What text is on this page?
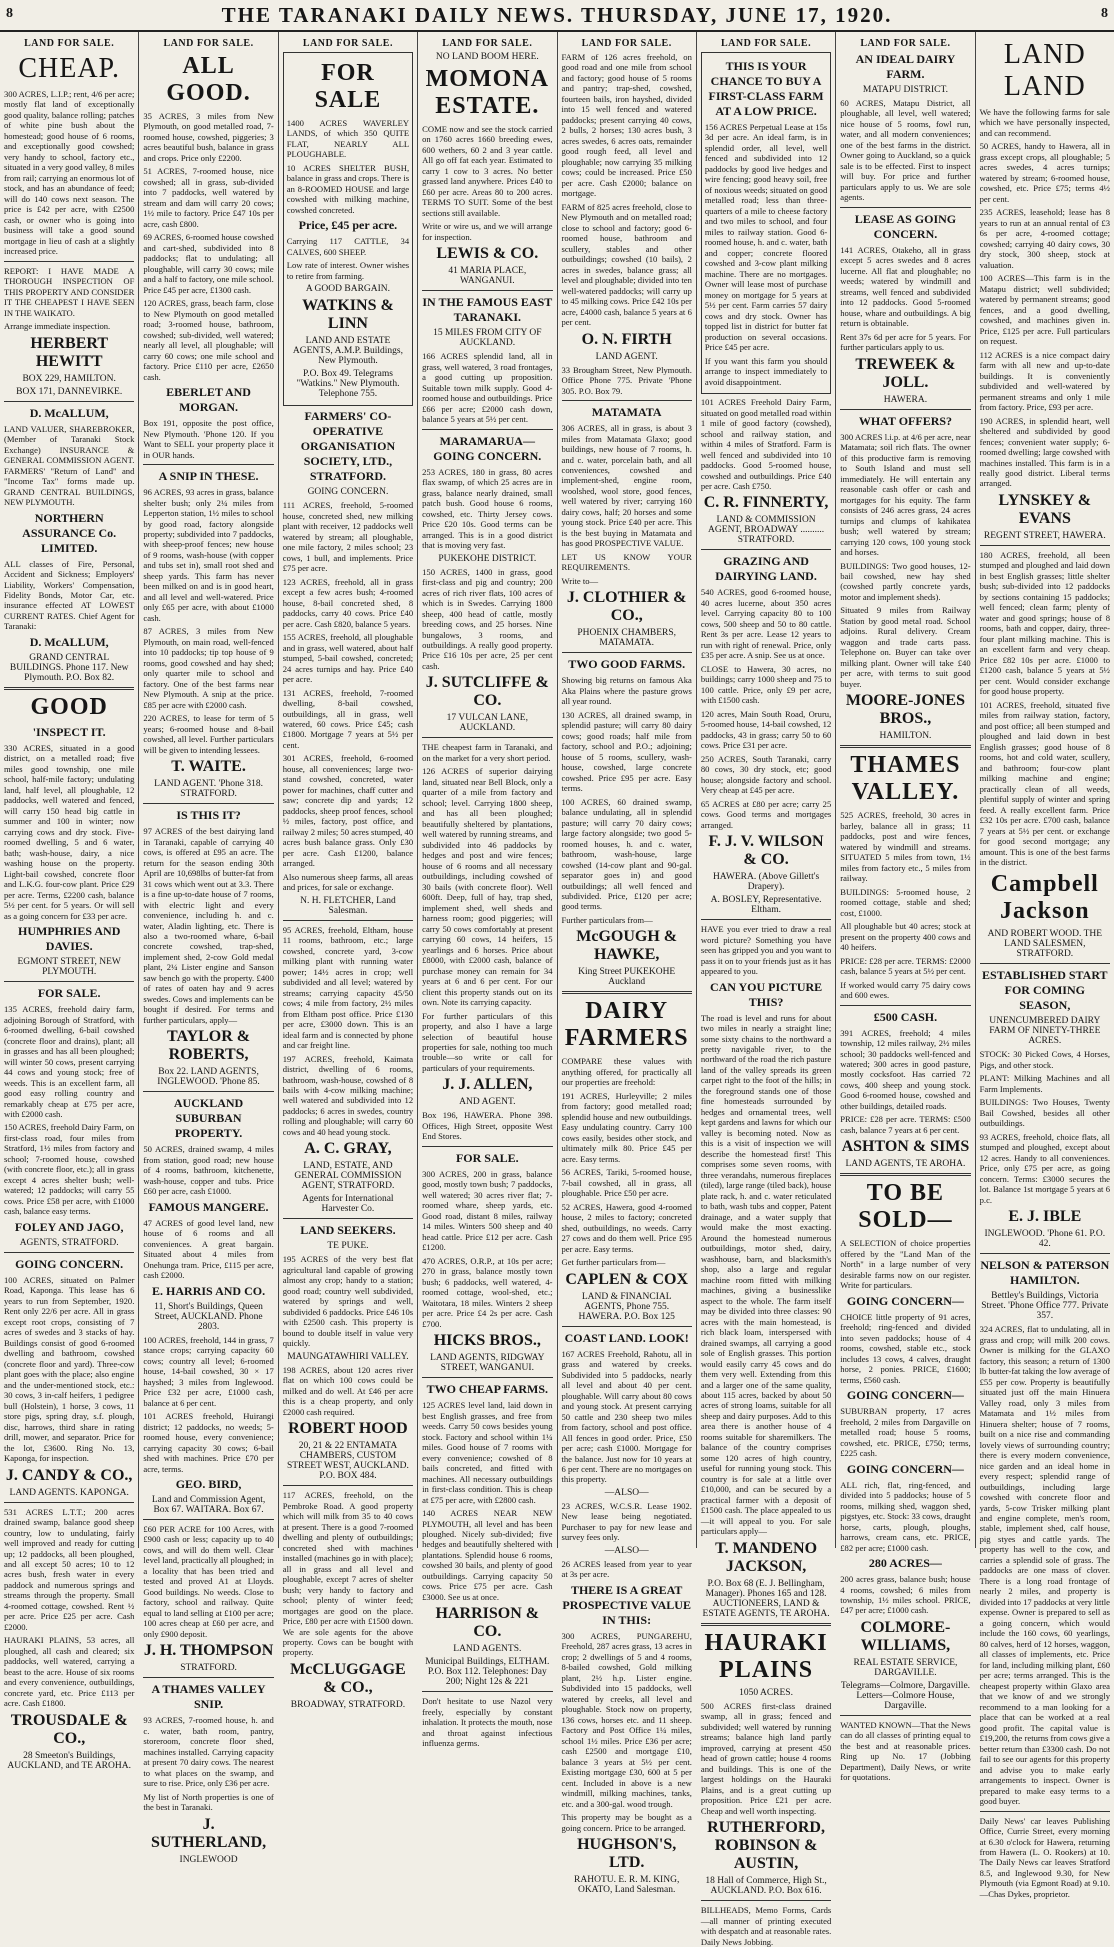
8	THE TARANAKI DAILY NEWS. THURSDAY, JUNE 17, 1920.	8
LAND FOR SALE.
CHEAP.
300 ACRES, L.I.P.; rent, 4/6 per acre; mostly flat land of exceptionally good quality, balance rolling; patches of white pine bush about the homestead; good house of 6 rooms, and exceptionally good cowshed; very handy to school, factory etc., situated in a very good valley, 8 miles from rail; carrying an enormous lot of stock, and has an abundance of feed; will do 140 cows next season. The price is £42 per acre, with £2500 cash, or owner who is going into business will take a good sound mortgage in lieu of cash at a slightly increased price.
REPORT: I HAVE MADE A THOROUGH INSPECTION OF THIS PROPERTY AND CONSIDER IT THE CHEAPEST I HAVE SEEN IN THE WAIKATO.
Arrange immediate inspection.
HERBERT HEWITT
BOX 229, HAMILTON.
BOX 171, DANNEVIRKE.
D. McALLUM,
LAND VALUER, SHAREBROKER, (Member of Taranaki Stock Exchange) INSURANCE & GENERAL COMMISSION AGENT. FARMERS' "Return of Land" and "Income Tax" forms made up. GRAND CENTRAL BUILDINGS, NEW PLYMOUTH.
NORTHERN ASSURANCE Co. LIMITED.
ALL classes of Fire, Personal, Accident and Sickness; Employers' Liability, Workers' Compensation, Fidelity Bonds, Motor Car, etc. insurance effected AT LOWEST CURRENT RATES. Chief Agent for Taranaki:
D. McALLUM,
GRAND CENTRAL BUILDINGS. Phone 117. New Plymouth. P.O. Box 82.
GOOD
'INSPECT IT.
330 ACRES, situated in a good district, on a metalled road; five miles good township, one mile school, half-mile factory; undulating land, half level, all ploughable, 12 paddocks, well watered and fenced, will carry 150 head big cattle in summer and 100 in winter; now carrying cows and dry stock. Five-roomed dwelling, 5 and 6 water, bath; wash-house, dairy, a nice washing house on the property. Light-bail cowshed, concrete floor and L.K.G. four-cow plant. Price £29 per acre. Terms, £2200 cash, balance 5½ per cent. for 5 years. Or will sell as a going concern for £33 per acre.
HUMPHRIES AND DAVIES.
EGMONT STREET, NEW PLYMOUTH.
FOR SALE.
135 ACRES, freehold dairy farm, adjoining Borough of Stratford, with 6-roomed dwelling, 6-bail cowshed (concrete floor and drains), plant; all in grasses and has all been ploughed; will winter 50 cows, present carrying 44 cows and young stock; free of weeds. This is an excellent farm, all good easy rolling country and remarkably cheap at £75 per acre, with £2000 cash.
150 ACRES, freehold Dairy Farm, on first-class road, four miles from Stratford, 1½ miles from factory and school; 7-roomed house, cowshed (with concrete floor, etc.); all in grass except 4 acres shelter bush; well-watered; 12 paddocks; will carry 55 cows. Price £58 per acre, with £1000 cash, balance easy terms.
FOLEY AND JAGO,
AGENTS, STRATFORD.
GOING CONCERN.
100 ACRES, situated on Palmer Road, Kaponga. This lease has 6 years to run from September, 1920. Rent only 22/6 per acre. All in grass except root crops, consisting of 7 acres of swedes and 3 stacks of hay. Buildings consist of good 6-roomed dwelling and bathroom, cowshed (concrete floor and yard). Three-cow plant goes with the place; also engine and the under-mentioned stock, etc.: 30 cows, 3 in-calf heifers, 1 pedigree bull (Holstein), 1 horse, 3 cows, 11 store pigs, spring dray, s.f. plough, disc, harrows, third share in rating drill, mower, and separator. Price for the lot, £3600. Ring No. 13, Kaponga, for inspection.
J. CANDY & CO.,
LAND AGENTS. KAPONGA.
531 ACRES L.T.T.; 200 acres drained swamp, balance good sheep country, low to undulating, fairly well improved and ready for cutting up; 12 paddocks, all been ploughed, and all except 50 acres; 10 to 12 acres bush, fresh water in every paddock and numerous springs and streams through the property. Small 4-roomed cottage, cowshed. Rent ½ per acre. Price £25 per acre. Cash £2000.
HAURAKI PLAINS, 53 acres, all ploughed, all cash and cleared; six paddocks, well watered, carrying a beast to the acre. House of six rooms and every convenience, outbuildings, concrete yard, etc. Price £113 per acre. Cash £1800.
TROUSDALE & CO.,
28 Smeeton's Buildings, AUCKLAND, and TE AROHA.
LAND FOR SALE.
ALL GOOD.
35 ACRES, 3 miles from New Plymouth, on good metalled road, 7-roomed house, cowshed, piggeries; 3 acres beautiful bush, balance in grass and crops. Price only £2200.
51 ACRES, 7-roomed house, nice cowshed; all in grass, sub-divided into 7 paddocks, well watered by stream and dam will carry 20 cows; 1½ mile to factory. Price £47 10s per acre, cash £800.
69 ACRES, 6-roomed house cowshed and cart-shed, subdivided into 8 paddocks; flat to undulating; all ploughable, will carry 30 cows; mile and a half to factory, one mile school. Price £45 per acre, £1300 cash.
120 ACRES, grass, beach farm, close to New Plymouth on good metalled road; 3-roomed house, bathroom, cowshed; sub-divided, well watered; nearly all level, all ploughable; will carry 60 cows; one mile school and factory. Price £110 per acre, £2650 cash.
EBERLET AND MORGAN.
Box 191, opposite the post office, New Plymouth. 'Phone 120. If you Want to SELL your property place it in OUR hands.
A SNIP IN THESE.
96 ACRES, 93 acres in grass, balance shelter bush; only 2¼ miles from Lepperton station, 1½ miles to school by good road, factory alongside property; subdivided into 7 paddocks, with sheep-proof fences; new house of 9 rooms, wash-house (with copper and tubs set in), small root shed and sheep yards. This farm has never been milked on and is in good heart, and all level and well-watered. Price only £65 per acre, with about £1000 cash.
87 ACRES, 3 miles from New Plymouth, on main road, well-fenced into 10 paddocks; tip top house of 9 rooms, good cowshed and hay shed; only quarter mile to school and factory. One of the best farms near New Plymouth. A snip at the price. £85 per acre with £2000 cash.
220 ACRES, to lease for term of 5 years; 6-roomed house and 8-bail cowshed, all level. Further particulars will be given to intending lessees.
T. WAITE.
LAND AGENT. 'Phone 318. STRATFORD.
IS THIS IT?
97 ACRES of the best dairying land in Taranaki, capable of carrying 40 cows, is offered at £95 an acre. The return for the season ending 30th April are 10,698lbs of butter-fat from 31 cows which went out at 3.3. There is a fine up-to-date house of 7 rooms, with electric light and every convenience, including h. and c. water, Aladin lighting, etc. There is also a two-roomed whare, 6-bail concrete cowshed, trap-shed, implement shed, 2-cow Gold medal plant, 2¼ Lister engine and Sanson saw bench go with the property. £400 of rates of oaten hay and 9 acres swedes. Cows and implements can be bought if desired. For terms and further particulars, apply—
TAYLOR & ROBERTS,
Box 22. LAND AGENTS, INGLEWOOD. 'Phone 85.
AUCKLAND SUBURBAN PROPERTY.
50 ACRES, drained swamp, 4 miles from station, good road; new house of 4 rooms, bathroom, kitchenette, wash-house, copper and tubs. Price £60 per acre, cash £1000.
FAMOUS MANGERE.
47 ACRES of good level land, new house of 6 rooms and all conveniences. A great bargain. Situated about 4 miles from Onehunga tram. Price, £115 per acre, cash £2000.
E. HARRIS AND CO.
11, Short's Buildings, Queen Street, AUCKLAND. Phone 2803.
100 ACRES, freehold, 144 in grass, 7 stance crops; carrying capacity 60 cows; country all level; 6-roomed house, 14-bail cowshed, 30 × 17 hayshed; 3 miles from Inglewood. Price £32 per acre, £1000 cash, balance at 6 per cent.
101 ACRES freehold, Huirangi district; 12 paddocks, no weeds; 5-roomed house, every convenience; carrying capacity 30 cows; 6-bail shed with machines. Price £70 per acre, terms.
GEO. BIRD,
Land and Commission Agent, Box 67. WAITARA. Box 67.
£60 PER ACRE for 100 Acres, with £900 cash or less; capacity up to 40 cows, and will do them well. Clear level land, practically all ploughed; in a locality that has been tried and tested and proved A1 at Lloyds. Good buildings. No weeds. Close to factory, school and railway. Quite equal to land selling at £100 per acre; 100 acres cheap at £60 per acre, and only £900 deposit.
J. H. THOMPSON
STRATFORD.
A THAMES VALLEY SNIP.
93 ACRES, 7-roomed house, h. and c. water, bath room, pantry, storeroom, concrete floor shed, machines installed. Carrying capacity at present 70 dairy cows. The nearest to what places on the swamp, and sure to rise. Price, only £36 per acre.
My list of North properties is one of the best in Taranaki.
J. SUTHERLAND,
INGLEWOOD
LAND FOR SALE.
FOR SALE
1400 ACRES WAVERLEY LANDS, of which 350 QUITE FLAT, NEARLY ALL PLOUGHABLE.
10 ACRES SHELTER BUSH, balance in grass and crops. There is an 8-ROOMED HOUSE and large cowshed with milking machine, cowshed concreted.
Price, £45 per acre.
Carrying 117 CATTLE, 34 CALVES, 600 SHEEP.
Low rate of interest. Owner wishes to retire from farming.
A GOOD BARGAIN.
WATKINS & LINN
LAND AND ESTATE AGENTS, A.M.P. Buildings, New Plymouth.
P.O. Box 49. Telegrams "Watkins." New Plymouth. Telephone 755.
FARMERS' CO-OPERATIVE ORGANISATION SOCIETY, LTD., STRATFORD.
GOING CONCERN.
111 ACRES, freehold, 5-roomed house, concreted shed, new milking plant with receiver, 12 paddocks well watered by stream; all ploughable, one mile factory, 2 miles school; 23 cows, 1 bull, and implements. Price £75 per acre.
123 ACRES, freehold, all in grass except a few acres bush; 4-roomed house, 8-bail concreted shed, 8 paddocks, carry 40 cows. Price £40 per acre. Cash £820, balance 5 years.
155 ACRES, freehold, all ploughable and in grass, well watered, about half stumped, 5-bail cowshed, concreted; 24 acres turnips and hay. Price £40 per acre.
131 ACRES, freehold, 7-roomed dwelling, 8-bail cowshed, outbuildings, all in grass, well watered, 60 cows. Price £45; cash £1800. Mortgage 7 years at 5½ per cent.
301 ACRES, freehold, 6-roomed house, all conveniences; large two-stand cowshed, concreted, water power for machines, chaff cutter and saw; concrete dip and yards; 12 paddocks, sheep proof fences, school ½ miles, factory, post office, and railway 2 miles; 50 acres stumped, 40 acres bush balance grass. Only £30 per acre. Cash £1200, balance arranged.
Also numerous sheep farms, all areas and prices, for sale or exchange.
N. H. FLETCHER, Land Salesman.
95 ACRES, freehold, Eltham, house 11 rooms, bathroom, etc.; large cowshed, concrete yard, 3-cow milking plant with running water power; 14½ acres in crop; well subdivided and all level; watered by streams; carrying capacity 45/50 cows; 4 mile from factory, 2½ miles from Eltham post office. Price £130 per acre, £3000 down. This is an ideal farm and is connected by phone and car freight line.
197 ACRES, freehold, Kaimata district, dwelling of 6 rooms, bathroom, wash-house, cowshed of 8 bails with 4-cow milking machine; well watered and subdivided into 12 paddocks; 6 acres in swedes, country rolling and ploughable; will carry 60 cows and 40 head young stock.
A. C. GRAY,
LAND, ESTATE, AND GENERAL COMMISSION AGENT, STRATFORD.
Agents for International Harvester Co.
LAND SEEKERS.
TE PUKE.
195 ACRES of the very best flat agricultural land capable of growing almost any crop; handy to a station; good road; country well subdivided, watered by springs and well, subdivided 6 paddocks. Price £46 10s with £2500 cash. This property is bound to double itself in value very quickly.
MAUNGATAWHIRI VALLEY.
198 ACRES, about 120 acres river flat on which 100 cows could be milked and do well. At £46 per acre this is a cheap property, and only £2000 cash required.
ROBERT HOOD
20, 21 & 22 ENTAMATA CHAMBERS, CUSTOM STREET WEST, AUCKLAND. P.O. BOX 484.
117 ACRES, freehold, on the Pembroke Road. A good property which will milk from 35 to 40 cows at present. There is a good 7-roomed dwelling and plenty of outbuildings; concreted shed with machines installed (machines go in with place); all in grass and all level and ploughable, except 7 acres of shelter bush; very handy to factory and school; plenty of winter feed; mortgages are good on the place. Price, £80 per acre with £1500 down. We are sole agents for the above property. Cows can be bought with property.
McCLUGGAGE & CO.,
BROADWAY, STRATFORD.
LAND FOR SALE.
NO LAND BOOM HERE.
MOMONA ESTATE.
COME now and see the stock carried on 1760 acres 1660 breeding ewes, 600 wethers, 60 2 and 3 year cattle. All go off fat each year. Estimated to carry 1 cow to 3 acres. No better grassed land anywhere. Prices £40 to £60 per acre. Areas 80 to 200 acres. TERMS TO SUIT. Some of the best sections still available.
Write or wire us, and we will arrange for inspection.
LEWIS & CO.
41 MARIA PLACE, WANGANUI.
IN THE FAMOUS EAST TARANAKI.
15 MILES FROM CITY OF AUCKLAND.
166 ACRES splendid land, all in grass, well watered, 3 road frontages, a good cutting up proposition. Suitable town milk supply. Good 4-roomed house and outbuildings. Price £66 per acre; £2000 cash down, balance 5 years at 5½ per cent.
MARAMARUA—GOING CONCERN.
253 ACRES, 180 in grass, 80 acres flax swamp, of which 25 acres are in grass, balance nearly drained, small patch bush. Good house 6 rooms, cowshed, etc. Thirty Jersey cows. Price £20 10s. Good terms can be arranged. This is in a good district that is moving very fast.
PUKEKOHE DISTRICT.
150 ACRES, 1400 in grass, good first-class and pig and country; 200 acres of rich river flats, 100 acres of which is in Swedes. Carrying 1800 sheep, 400 head of cattle, mostly breeding cows, and 25 horses. Nine bungalows, 3 rooms, and outbuildings. A really good property. Price £16 10s per acre, 25 per cent cash.
J. SUTCLIFFE & CO.
17 VULCAN LANE, AUCKLAND.
THE cheapest farm in Taranaki, and on the market for a very short period.
126 ACRES of superior dairying land, situated near Bell Block, only a quarter of a mile from factory and school; level. Carrying 1800 sheep, and has all been ploughed; beautifully sheltered by plantations, well watered by running streams, and subdivided into 46 paddocks by hedges and post and wire fences; house of 6 rooms and all necessary outbuildings, including cowshed of 30 bails (with concrete floor). Well 600ft. Deep, full of hay, trap shed, implement shed, well sheds and harness room; good piggeries; will carry 50 cows comfortably at present carrying 60 cows, 14 heifers, 15 yearlings and 6 horses. Price about £8000, with £2000 cash, balance of purchase money can remain for 34 years at 6 and 6 per cent. For our client this property stands out on its own. Note its carrying capacity.
For further particulars of this property, and also I have a large selection of beautiful house properties for sale, nothing too much trouble—so write or call for particulars of your requirements.
J. J. ALLEN,
AND AGENT.
Box 196, HAWERA. Phone 398. Offices, High Street, opposite West End Stores.
FOR SALE.
300 ACRES, 200 in grass, balance good, mostly town bush; 7 paddocks, well watered; 30 acres river flat; 7-roomed whare, sheep yards, etc. Good road, distant 8 miles, railway 14 miles. Winters 500 sheep and 40 head cattle. Price £12 per acre. Cash £1200.
470 ACRES, O.R.P., at 10s per acre; 270 in grass, balance mostly town bush; 6 paddocks, well watered, 4-roomed cottage, wool-shed, etc.; Waitotara, 18 miles. Winters 2 sheep per acre. Price £4 2s per acre. Cash £700.
HICKS BROS.,
LAND AGENTS, RIDGWAY STREET, WANGANUI.
TWO CHEAP FARMS.
125 ACRES level land, laid down in best English grasses, and free from weeds. Carry 50 cows besides young stock. Factory and school within 1¼ miles. Good house of 7 rooms with every convenience; cowshed of 8 bails concreted, and fitted with machines. All necessary outbuildings in first-class condition. This is cheap at £75 per acre, with £2800 cash.
140 ACRES NEAR NEW PLYMOUTH, all level and has been ploughed. Nicely sub-divided; five hedges and beautifully sheltered with plantations. Splendid house 6 rooms, cowshed 30 bails, and plenty of good outbuildings. Carrying capacity 50 cows. Price £75 per acre. Cash £3000. See us at once.
HARRISON & CO.
LAND AGENTS.
Municipal Buildings, ELTHAM. P.O. Box 112. Telephones: Day 200; Night 12s & 221
Don't hesitate to use Nazol very freely, especially by constant inhalation. It protects the mouth, nose and throat against infectious influenza germs.
LAND FOR SALE.
FARM of 126 acres freehold, on good road and one mile from school and factory; good house of 5 rooms and pantry; trap-shed, cowshed, fourteen bails, iron hayshed, divided into 15 well fenced and watered paddocks; present carrying 40 cows, 2 bulls, 2 horses; 130 acres bush, 3 acres swedes, 6 acres oats, remainder good rough feed, all level and ploughable; now carrying 35 milking cows; could be increased. Price £50 per acre. Cash £2000; balance on mortgage.
FARM of 825 acres freehold, close to New Plymouth and on metalled road; close to school and factory; good 6-roomed house, bathroom and scullery, stables and other outbuildings; cowshed (10 bails), 2 acres in swedes, balance grass; all level and ploughable; divided into ten well-watered paddocks; will carry up to 45 milking cows. Price £42 10s per acre, £4000 cash, balance 5 years at 6 per cent.
O. N. FIRTH
LAND AGENT.
33 Brougham Street, New Plymouth. Office Phone 775. Private 'Phone 305. P.O. Box 79.
MATAMATA
306 ACRES, all in grass, is about 3 miles from Matamata Glaxo; good buildings, new house of 7 rooms, h. and c. water, porcelain bath, and all conveniences, cowshed and implement-shed, engine room, woolshed, wool store, good fences, well watered by river; carrying 160 dairy cows, half; 20 horses and some young stock. Price £40 per acre. This is the best buying in Matamata and has good PROSPECTIVE VALUE.
LET US KNOW YOUR REQUIREMENTS.
Write to—
J. CLOTHIER & CO.,
PHOENIX CHAMBERS, MATAMATA.
TWO GOOD FARMS.
Showing big returns on famous Aka Aka Plains where the pasture grows all year round.
130 ACRES, all drained swamp, in splendid pasture; will carry 80 dairy cows; good roads; half mile from factory, school and P.O.; adjoining; house of 5 rooms, scullery, wash-house, cowshed, large concrete cowshed. Price £95 per acre. Easy terms.
100 ACRES, 60 drained swamp, balance undulating, all in splendid pasture; will carry 70 dairy cows; large factory alongside; two good 5-roomed houses, h. and c. water, bathroom, wash-house, large cowshed (14-cow plant and 90-gal. separator goes in) and good outbuildings; all well fenced and subdivided. Price, £120 per acre; good terms.
Further particulars from—
McGOUGH & HAWKE,
King Street PUKEKOHE Auckland
DAIRY FARMERS
COMPARE these values with anything offered, for practically all our properties are freehold:
191 ACRES, Hurleyville; 2 miles from factory; good metalled road; splendid house and new outbuildings. Easy undulating country. Carry 100 cows easily, besides other stock, and ultimately milk 80. Price £45 per acre. Easy terms.
56 ACRES, Tariki, 5-roomed house, 7-bail cowshed, all in grass, all ploughable. Price £50 per acre.
52 ACRES, Hawera, good 4-roomed house, 2 miles to factory; concreted shed, outbuildings, no weeds. Carry 27 cows and do them well. Price £95 per acre. Easy terms.
Get further particulars from—
CAPLEN & COX
LAND & FINANCIAL AGENTS, Phone 755. HAWERA. P.O. Box 125
COAST LAND. LOOK!
167 ACRES Freehold, Rahotu, all in grass and watered by creeks. Subdivided into 5 paddocks, nearly all level and about 40 per cent. ploughable. Will carry about 80 cows and young stock. At present carrying 50 cattle and 230 sheep two miles from factory, school and post office. All fences in good order. Price, £50 per acre; cash £1000. Mortgage for the balance. Just now for 10 years at 6 per cent. There are no mortgages on this property.
—ALSO—
23 ACRES, W.C.S.R. Lease 1902. New lease being negotiated. Purchaser to pay for new lease and survey fees only.
—ALSO—
26 ACRES leased from year to year at 3s per acre.
THERE IS A GREAT PROSPECTIVE VALUE IN THIS:
300 ACRES, PUNGAREHU, Freehold, 287 acres grass, 13 acres in crop; 2 dwellings of 5 and 4 rooms, 8-bailed cowshed, Gold milking plant, 2½ h.p. Lister engine. Subdivided into 15 paddocks, well watered by creeks, all level and ploughable. Stock now on property, 136 cows, horses etc. and 11 sheep. Factory and Post Office 1¼ miles, school 1½ miles. Price £36 per acre; cash £2500 and mortgage £10, balance 3 years at 5½ per cent. Existing mortgage £30, 600 at 5 per cent. Included in above is a new windmill, milking machines, tanks, etc. and a 300-gal. wood trough.
This property may be bought as a going concern. Price to be arranged.
HUGHSON'S, LTD.
RAHOTU. E. R. M. KING, OKATO, Land Salesman.
LAND FOR SALE.
THIS IS YOUR CHANCE TO BUY A FIRST-CLASS FARM AT A LOW PRICE.
156 ACRES Perpetual Lease at 15s 3d per acre. An ideal farm, is in splendid order, all level, well fenced and subdivided into 12 paddocks by good live hedges and wire fencing; good heavy soil, free of noxious weeds; situated on good metalled road; less than three-quarters of a mile to cheese factory and two miles to school, and four miles to railway station. Good 6-roomed house, h. and c. water, bath and copper; concrete floored cowshed and 3-cow plant milking machine. There are no mortgages. Owner will lease most of purchase money on mortgage for 5 years at 5½ per cent. Farm carries 57 dairy cows and dry stock. Owner has topped list in district for butter fat production on several occasions. Price £45 per acre.
If you want this farm you should arrange to inspect immediately to avoid disappointment.
101 ACRES Freehold Dairy Farm, situated on good metalled road within 1 mile of good factory (cowshed), school and railway station, and within 4 miles of Stratford. Farm is well fenced and subdivided into 10 paddocks. Good 5-roomed house, cowshed and outbuildings. Price £40 per acre. Cash £750.
C. R. FINNERTY,
LAND & COMMISSION AGENT, BROADWAY .......... STRATFORD.
GRAZING AND DAIRYING LAND.
540 ACRES, good 6-roomed house, 40 acres lucerne, about 350 acres level. Carrying capacity 80 to 100 cows, 500 sheep and 50 to 80 cattle. Rent 3s per acre. Lease 12 years to run with right of renewal. Price, only £35 per acre. A snip. See us at once.
CLOSE to Hawera, 30 acres, no buildings; carry 1000 sheep and 75 to 100 cattle. Price, only £9 per acre, with £1500 cash.
120 acres, Main South Road, Oruru, 5-roomed house, 14-bail cowshed, 12 paddocks, 43 in grass; carry 50 to 60 cows. Price £31 per acre.
250 ACRES, South Taranaki, carry 80 cows, 30 dry stock, etc; good house; alongside factory and school. Very cheap at £45 per acre.
65 ACRES at £80 per acre; carry 25 cows. Good terms and mortgages arranged.
F. J. V. WILSON & CO.
HAWERA. (Above Gillett's Drapery).
A. BOSLEY, Representative. Eltham.
HAVE you ever tried to draw a real word picture? Something you have seen has gripped you and you want to pass it on to your friends just as it has appeared to you.
CAN YOU PICTURE THIS?
The road is level and runs for about two miles in nearly a straight line; some sixty chains to the northward a pretty navigable river, to the northward of the road the rich pasture land of the valley spreads its green carpet right to the foot of the hills; in the foreground stands one of those fine homesteads surrounded by hedges and ornamental trees, well kept gardens and lawns for which our valley is becoming noted. Now as this is a visit of inspection we will describe the homestead first! This comprises some seven rooms, with three verandahs, numerous fireplaces (tiled), large range (tiled back), house plate rack, h. and c. water reticulated to bath, wash tubs and copper, Patent drainage, and a water supply that would make the most exacting. Around the homestead numerous outbuildings, motor shed, dairy, washhouse, barn, and blacksmith's shop, also a large and regular machine room fitted with milking machines, giving a businesslike aspect to the whole. The farm itself may be divided into three classes: 90 acres with the main homestead, is rich black loam, interspersed with drained swamps, all carrying a good sole of English grasses. This portion would easily carry 45 cows and do them very well. Extending from this and a larger one of the same quality, about 115 acres, backed by about 50 acres of strong loams, suitable for all sheep and dairy purposes. Add to this area there is another house of 4 rooms suitable for sharemilkers. The balance of the country comprises some 120 acres of high country, useful for running young stock. This country is for sale at a little over £10,000, and can be secured by a practical farmer with a deposit of £1500 cash. The place appealed to us—it will appeal to you. For sale particulars apply—
T. MANDENO JACKSON,
P.O. Box 68 (E. J. Bellingham, Manager). Phones 165 and 128. AUCTIONEERS, LAND & ESTATE AGENTS, TE AROHA.
HAURAKI PLAINS
1050 ACRES.
500 ACRES first-class drained swamp, all in grass; fenced and subdivided; well watered by running streams; balance high land partly improved, carrying at present 450 head of grown cattle; house 4 rooms and buildings. This is one of the largest holdings on the Hauraki Plains, and is a great cutting up proposition. Price £21 per acre. Cheap and well worth inspecting.
RUTHERFORD, ROBINSON & AUSTIN,
18 Hall of Commerce, High St., AUCKLAND. P.O. Box 616.
BILLHEADS, Memo Forms, Cards—all manner of printing executed with despatch and at reasonable rates. Daily News Jobbing.
LAND FOR SALE.
AN IDEAL DAIRY FARM.
MATAPU DISTRICT.
60 ACRES, Matapu District, all ploughable, all level, well watered; nice house of 5 rooms, fowl run, water, and all modern conveniences; one of the best farms in the district. Owner going to Auckland, so a quick sale is to be effected. First to inspect will buy. For price and further particulars apply to us. We are sole agents.
LEASE AS GOING CONCERN.
141 ACRES, Otakeho, all in grass except 5 acres swedes and 8 acres lucerne. All flat and ploughable; no weeds; watered by windmill and streams, well fenced and subdivided into 12 paddocks. Good 5-roomed house, whare and outbuildings. A big return is obtainable.
Rent 37s 6d per acre for 5 years. For further particulars apply to us.
TREWEEK & JOLL.
HAWERA.
WHAT OFFERS?
300 ACRES l.i.p. at 4/6 per acre, near Matamata; soil rich flats. The owner of this productive farm is removing to South Island and must sell immediately. He will entertain any reasonable cash offer or cash and mortgages for his equity. The farm consists of 246 acres grass, 24 acres turnips and clumps of kahikatea bush; well watered by stream; carrying 120 cows, 100 young stock and horses.
BUILDINGS: Two good houses, 12-bail cowshed, new hay shed (cowshed partly concrete yards, motor and implement sheds).
Situated 9 miles from Railway Station by good metal road. School adjoins. Rural delivery. Cream waggon and trade carts pass. Telephone on. Buyer can take over milking plant. Owner will take £40 per acre, with terms to suit good buyer.
MOORE-JONES BROS.,
HAMILTON.
THAMES VALLEY.
525 ACRES, freehold, 30 acres in barley, balance all in grass; 11 paddocks, post and wire fences, watered by windmill and streams. SITUATED 5 miles from town, 1½ miles from factory etc., 5 miles from railway.
BUILDINGS: 5-roomed house, 2 roomed cottage, stable and shed; cost, £1000.
All ploughable but 40 acres; stock at present on the property 400 cows and 40 heifers.
PRICE: £28 per acre. TERMS: £2000 cash, balance 5 years at 5½ per cent.
If worked would carry 75 dairy cows and 600 ewes.
£500 CASH.
391 ACRES, freehold; 4 miles township, 12 miles railway, 2½ miles school; 30 paddocks well-fenced and watered; 300 acres in good pasture, mostly cocksfoot. Has carried 72 cows, 400 sheep and young stock. Good 6-roomed house, cowshed and other buildings, detailed roads.
PRICE: £28 per acre. TERMS: £500 cash, balance 7 years at 6 per cent.
ASHTON & SIMS
LAND AGENTS, TE AROHA.
TO BE SOLD—
A SELECTION of choice properties offered by the "Land Man of the North" in a large number of very desirable farms now on our register. Write for particulars.
GOING CONCERN—
CHOICE little property of 91 acres, freehold; ring-fenced and divided into seven paddocks; house of 4 rooms, cowshed, stable etc., stock includes 13 cows, 4 calves, draught horse, 2 ponies. PRICE, £1600; terms, £560 cash.
GOING CONCERN—
SUBURBAN property, 17 acres freehold, 2 miles from Dargaville on metalled road; house 5 rooms, cowshed, etc. PRICE, £750; terms, £225 cash.
GOING CONCERN—
ALL rich, flat, ring-fenced, and divided into 5 paddocks; house of 5 rooms, milking shed, waggon shed, pigstyes, etc. Stock: 33 cows, draught horse, carts, plough, ploughs, harrows, cream cans, etc. PRICE, £82 per acre; £1000 cash.
280 ACRES—
200 acres grass, balance bush; house 4 rooms, cowshed; 6 miles from township, 1½ miles school. PRICE, £47 per acre; £1000 cash.
COLMORE-WILLIAMS,
REAL ESTATE SERVICE, DARGAVILLE.
Telegrams—Colmore, Dargaville. Letters—Colmore House, Dargaville.
WANTED KNOWN—That the News can do all classes of printing equal to the best and at reasonable prices. Ring up No. 17 (Jobbing Department), Daily News, or write for quotations.
LAND LAND
We have the following farms for sale which we have personally inspected, and can recommend.
50 ACRES, handy to Hawera, all in grass except crops, all ploughable; 5 acres swedes, 4 acres turnips; watered by stream; 6-roomed house, cowshed, etc. Price £75; terms 4½ per cent.
235 ACRES, leasehold; lease has 8 years to run at an annual rental of £3 6s per acre, 4-roomed cottage; cowshed; carrying 40 dairy cows, 30 dry stock, 300 sheep, stock at valuation.
100 ACRES—This farm is in the Matapu district; well subdivided; watered by permanent streams; good fences, and a good dwelling, cowshed, and machines given in. Price, £125 per acre. Full particulars on request.
112 ACRES is a nice compact dairy farm with all new and up-to-date buildings. It is conveniently subdivided and well-watered by permanent streams and only 1 mile from factory. Price, £93 per acre.
190 ACRES, in splendid heart, well sheltered and subdivided by good fences; convenient water supply; 6-roomed dwelling; large cowshed with machines installed. This farm is in a really good district. Liberal terms arranged.
LYNSKEY & EVANS
REGENT STREET, HAWERA.
180 ACRES, freehold, all been stumped and ploughed and laid down in best English grasses; little shelter bush; sub-divided into 12 paddocks by sections containing 15 paddocks; well fenced; clean farm; plenty of water and good springs; house of 8 rooms, bath and copper, dairy, three-four plant milking machine. This is an excellent farm and very cheap. Price £82 10s per acre. £1000 to £1200 cash, balance 5 years at 5½ per cent. Would consider exchange for good house property.
101 ACRES, freehold, situated five miles from railway station, factory, and post office; all been stumped and ploughed and laid down in best English grasses; good house of 8 rooms, hot and cold water, scullery, and bathroom; four-cow plant milking machine and engine; practically clean of all weeds, plentiful supply of winter and spring feed. A really excellent farm. Price £32 10s per acre. £700 cash, balance 7 years at 5½ per cent. or exchange for good second mortgage; any amount. This is one of the best farms in the district.
Campbell Jackson
AND ROBERT WOOD. THE LAND SALESMEN, STRATFORD.
ESTABLISHED START FOR COMING SEASON,
UNENCUMBERED DAIRY FARM OF NINETY-THREE ACRES.
STOCK: 30 Picked Cows, 4 Horses, Pigs, and other stock.
PLANT: Milking Machines and all Farm Implements.
BUILDINGS: Two Houses, Twenty Bail Cowshed, besides all other outbuildings.
93 ACRES, freehold, choice flats, all stumped and ploughed, except about 12 acres. Handy to all conveniences. Price, only £75 per acre, as going concern. Terms: £3000 secures the lot. Balance 1st mortgage 5 years at 6 p.c.
E. J. IBLE
INGLEWOOD. 'Phone 61. P.O. 42.
NELSON & PATERSON HAMILTON.
Bettley's Buildings, Victoria Street. 'Phone Office 777. Private 357.
324 ACRES, flat to undulating, all in grass and crop; will milk 200 cows. Owner is milking for the GLAXO factory, this season; a return of 1300 lb butter-fat taking the low average of £55 per cow. Property is beautifully situated just off the main Hinuera Valley road, only 3 miles from Matamata and 1½ miles from Hinuera shelter; house of 7 rooms, built on a nice rise and commanding lovely views of surrounding country; there is every modern convenience, nice garden and an ideal home in every respect; splendid range of outbuildings, including large cowshed with concrete floor and yards, 5-cow Trisker milking plant and engine complete, men's room, stable, implement shed, calf house, pig styes and cattle yards. The property has well to the cow, and carries a splendid sole of grass. The paddocks are one mass of clover. There is a long road frontage of nearly 2 miles, and property is divided into 17 paddocks at very little expense. Owner is prepared to sell as a going concern, which would include the 160 cows, 60 yearlings, 80 calves, herd of 12 horses, waggon, all classes of implements, etc. Price for land, including milking plant, £60 per acre; terms arranged. This is the cheapest property within Glaxo area that we know of and we strongly recommend to a man looking for a place that can be worked at a real good profit. The capital value is £19,200, the returns from cows give a better return than £3300 cash. Do not fail to see our agents for this property and advise you to make early arrangements to inspect. Owner is prepared to make easy terms to a good buyer.
Daily News' car leaves Publishing Office, Currie Street, every morning at 6.30 o'clock for Hawera, returning from Hawera (L. O. Rookers) at 10. The Daily News car leaves Stratford 8.5, and Inglewood 9.30, for New Plymouth (via Egmont Road) at 9.10.—Chas Dykes, proprietor.
